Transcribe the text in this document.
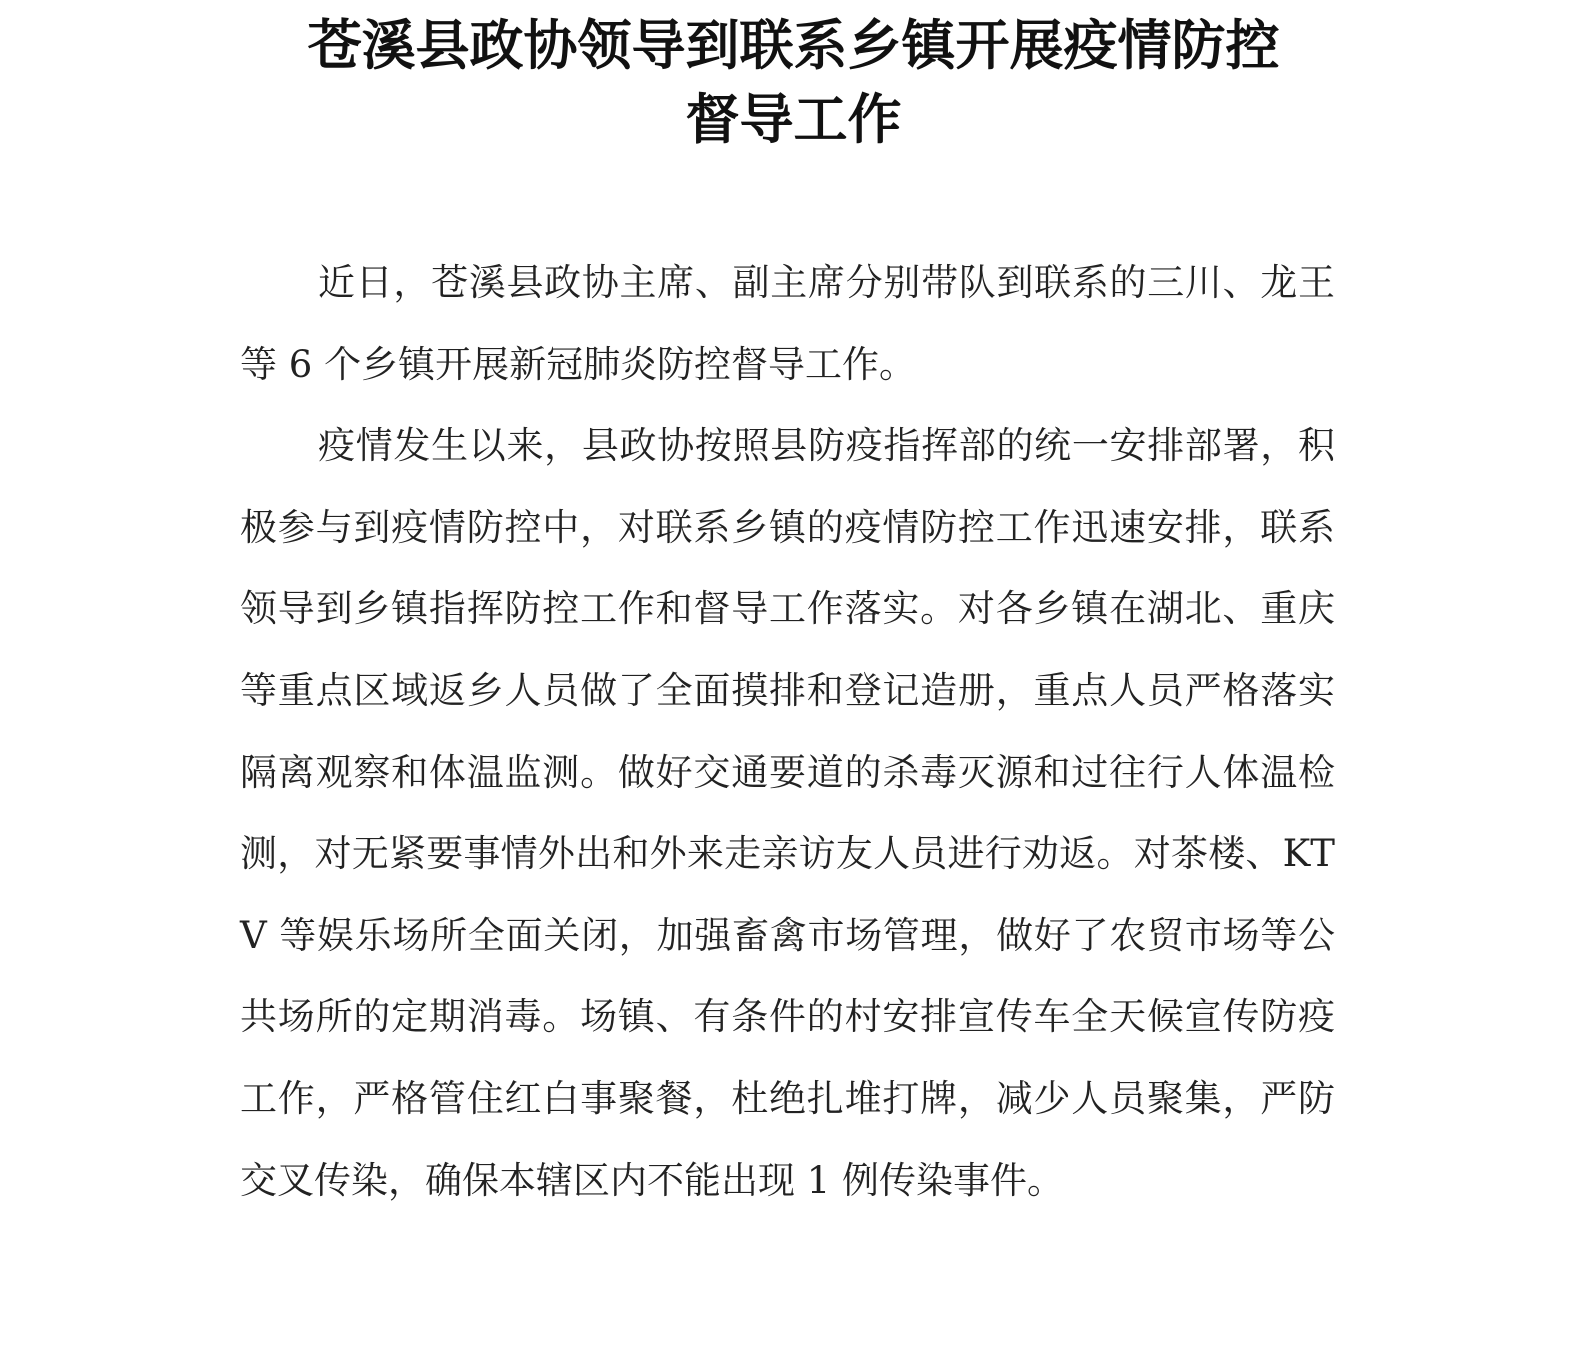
苍溪县政协领导到联系乡镇开展疫情防控
督导工作

近日，苍溪县政协主席、副主席分别带队到联系的三川、龙王等 6 个乡镇开展新冠肺炎防控督导工作。

疫情发生以来，县政协按照县防疫指挥部的统一安排部署，积极参与到疫情防控中，对联系乡镇的疫情防控工作迅速安排，联系领导到乡镇指挥防控工作和督导工作落实。对各乡镇在湖北、重庆等重点区域返乡人员做了全面摸排和登记造册，重点人员严格落实隔离观察和体温监测。做好交通要道的杀毒灭源和过往行人体温检测，对无紧要事情外出和外来走亲访友人员进行劝返。对茶楼、KTV 等娱乐场所全面关闭，加强畜禽市场管理，做好了农贸市场等公共场所的定期消毒。场镇、有条件的村安排宣传车全天候宣传防疫工作，严格管住红白事聚餐，杜绝扎堆打牌，减少人员聚集，严防交叉传染，确保本辖区内不能出现 1 例传染事件。
